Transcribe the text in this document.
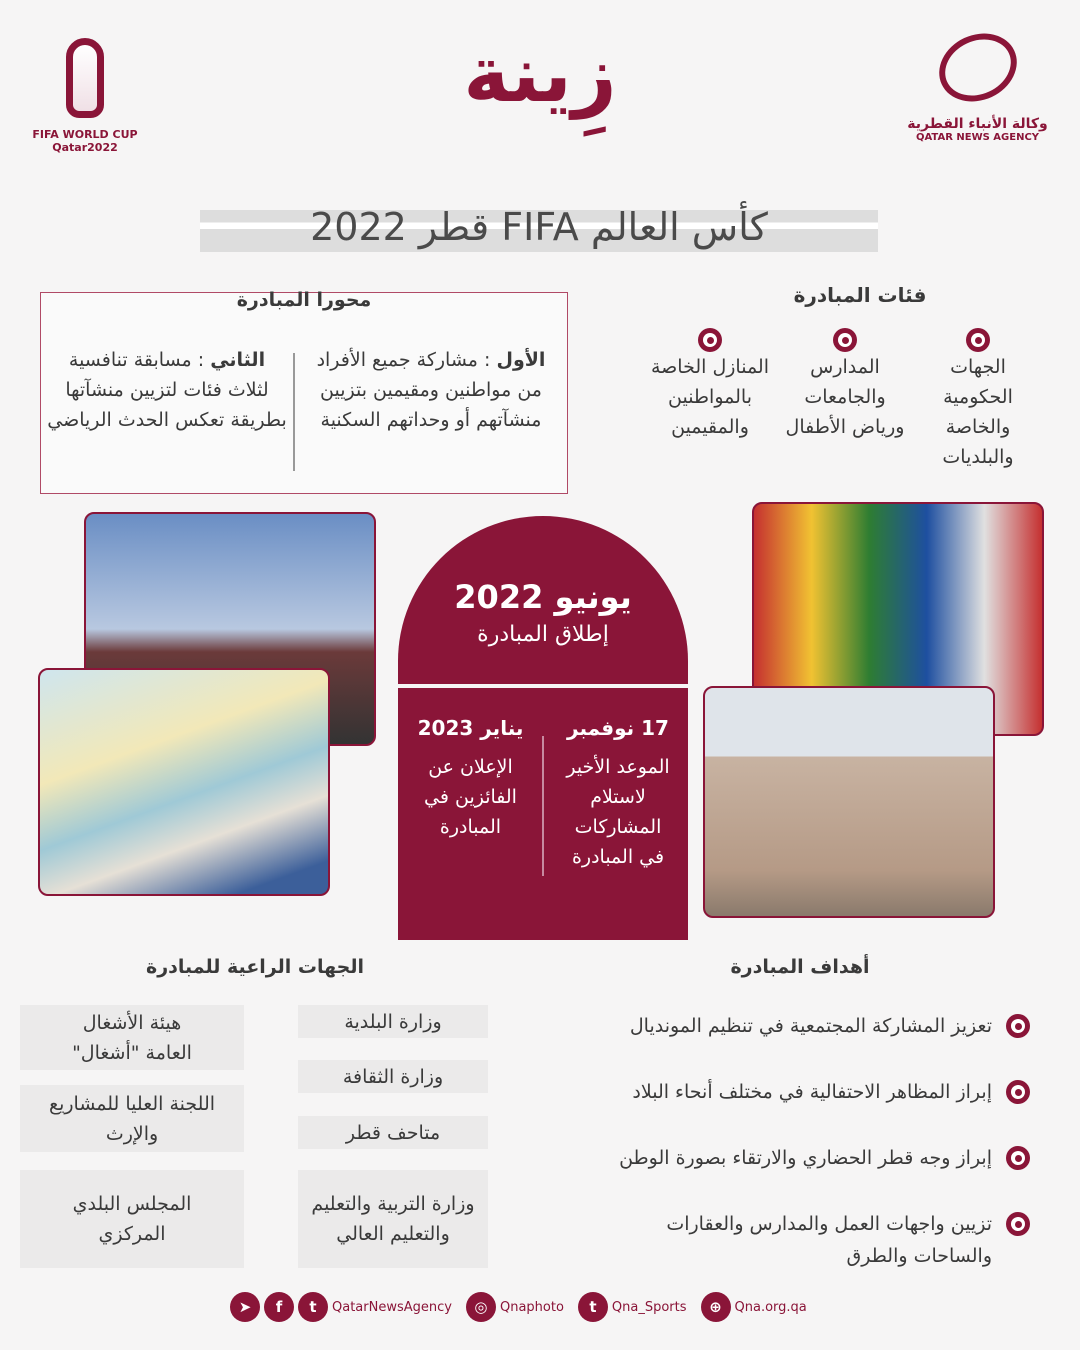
FIFA WORLD CUP Qatar2022
زِينة
وكالة الأنباء القطرية
QATAR NEWS AGENCY
كأس العالم FIFA قطر 2022
فئات المبادرة
الجهات الحكومية والخاصة والبلديات
المدارس والجامعات ورياض الأطفال
المنازل الخاصة بالمواطنين والمقيمين
محورا المبادرة
الأول : مشاركة جميع الأفراد من مواطنين ومقيمين بتزيين منشآتهم أو وحداتهم السكنية
الثاني : مسابقة تنافسية لثلاث فئات لتزيين منشآتها بطريقة تعكس الحدث الرياضي
يونيو 2022
إطلاق المبادرة
17 نوفمبر
الموعد الأخير لاستلام المشاركات في المبادرة
يناير 2023
الإعلان عن الفائزين في المبادرة
أهداف المبادرة
تعزيز المشاركة المجتمعية في تنظيم المونديال
إبراز المظاهر الاحتفالية في مختلف أنحاء البلاد
إبراز وجه قطر الحضاري والارتقاء بصورة الوطن
تزيين واجهات العمل والمدارس والعقارات والساحات والطرق
الجهات الراعية للمبادرة
وزارة البلدية
هيئة الأشغال العامة "أشغال"
وزارة الثقافة
اللجنة العليا للمشاريع والإرث	متاحف قطر
وزارة التربية والتعليم والتعليم العالي
المجلس البلدي المركزي
➤	f	t	QatarNewsAgency	◎ Qnaphoto	t	Qna_Sports	⊕ Qna.org.qa
